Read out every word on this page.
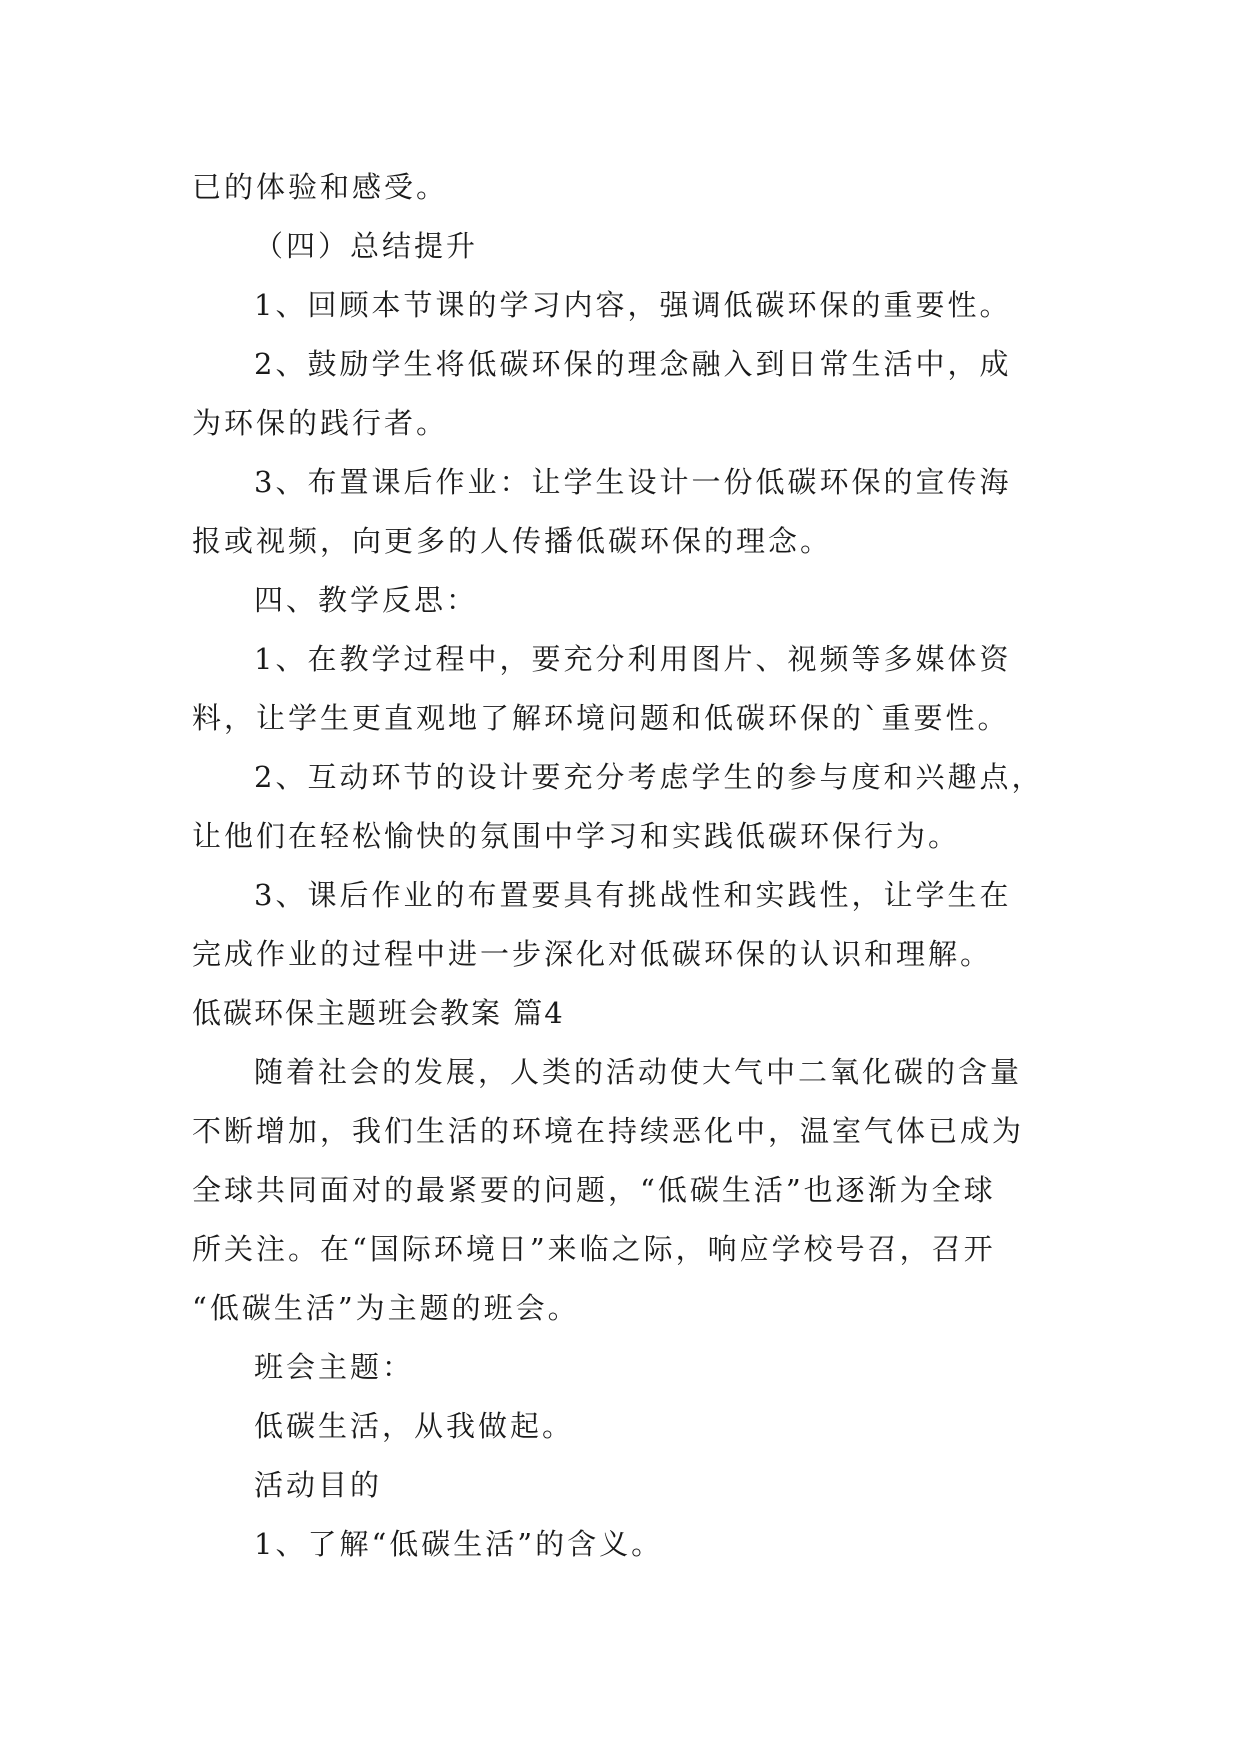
已的体验和感受。
（四）总结提升
1、回顾本节课的学习内容，强调低碳环保的重要性。
2、鼓励学生将低碳环保的理念融入到日常生活中，成
为环保的践行者。
3、布置课后作业：让学生设计一份低碳环保的宣传海
报或视频，向更多的人传播低碳环保的理念。
四、教学反思：
1、在教学过程中，要充分利用图片、视频等多媒体资
料，让学生更直观地了解环境问题和低碳环保的`重要性。
2、互动环节的设计要充分考虑学生的参与度和兴趣点，
让他们在轻松愉快的氛围中学习和实践低碳环保行为。
3、课后作业的布置要具有挑战性和实践性，让学生在
完成作业的过程中进一步深化对低碳环保的认识和理解。
低碳环保主题班会教案 篇4
随着社会的发展，人类的活动使大气中二氧化碳的含量
不断增加，我们生活的环境在持续恶化中，温室气体已成为
全球共同面对的最紧要的问题，“低碳生活”也逐渐为全球
所关注。在“国际环境日”来临之际，响应学校号召，召开
“低碳生活”为主题的班会。
班会主题：
低碳生活，从我做起。
活动目的
1、了解“低碳生活”的含义。
